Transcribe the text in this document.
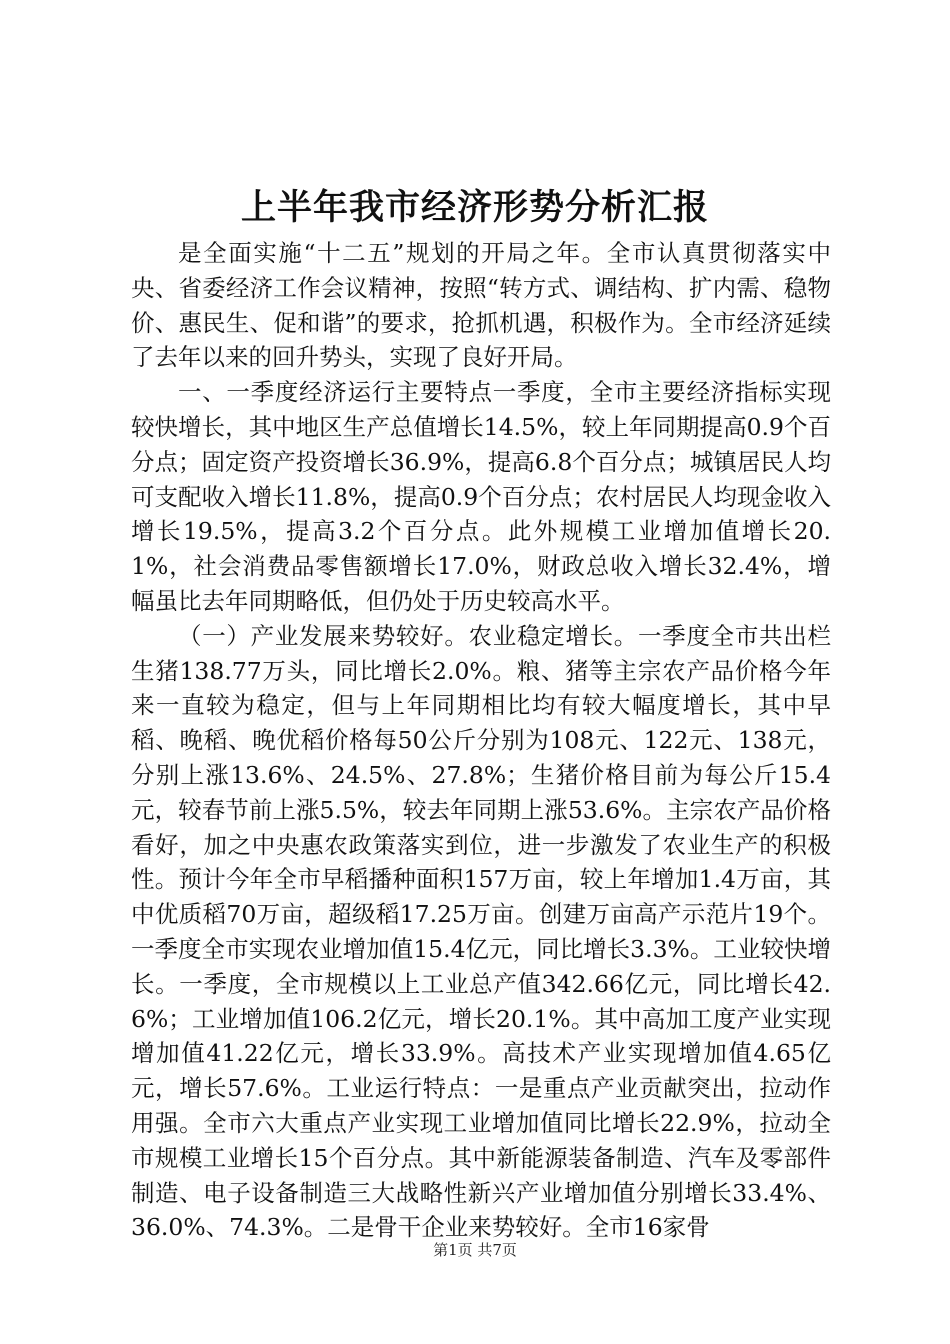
上半年我市经济形势分析汇报

是全面实施“十二五”规划的开局之年。全市认真贯彻落实中央、省委经济工作会议精神，按照“转方式、调结构、扩内需、稳物价、惠民生、促和谐”的要求，抢抓机遇，积极作为。全市经济延续了去年以来的回升势头，实现了良好开局。

一、一季度经济运行主要特点一季度，全市主要经济指标实现较快增长，其中地区生产总值增长14.5%，较上年同期提高0.9个百分点；固定资产投资增长36.9%，提高6.8个百分点；城镇居民人均可支配收入增长11.8%，提高0.9个百分点；农村居民人均现金收入增长19.5%，提高3.2个百分点。此外规模工业增加值增长20.1%，社会消费品零售额增长17.0%，财政总收入增长32.4%，增幅虽比去年同期略低，但仍处于历史较高水平。

（一）产业发展来势较好。农业稳定增长。一季度全市共出栏生猪138.77万头，同比增长2.0%。粮、猪等主宗农产品价格今年来一直较为稳定，但与上年同期相比均有较大幅度增长，其中早稻、晚稻、晚优稻价格每50公斤分别为108元、122元、138元，分别上涨13.6%、24.5%、27.8%；生猪价格目前为每公斤15.4元，较春节前上涨5.5%，较去年同期上涨53.6%。主宗农产品价格看好，加之中央惠农政策落实到位，进一步激发了农业生产的积极性。预计今年全市早稻播种面积157万亩，较上年增加1.4万亩，其中优质稻70万亩，超级稻17.25万亩。创建万亩高产示范片19个。一季度全市实现农业增加值15.4亿元，同比增长3.3%。工业较快增长。一季度，全市规模以上工业总产值342.66亿元，同比增长42.6%；工业增加值106.2亿元，增长20.1%。其中高加工度产业实现增加值41.22亿元，增长33.9%。高技术产业实现增加值4.65亿元，增长57.6%。工业运行特点：一是重点产业贡献突出，拉动作用强。全市六大重点产业实现工业增加值同比增长22.9%，拉动全市规模工业增长15个百分点。其中新能源装备制造、汽车及零部件制造、电子设备制造三大战略性新兴产业增加值分别增长33.4%、36.0%、74.3%。二是骨干企业来势较好。全市16家骨

第1页 共7页
